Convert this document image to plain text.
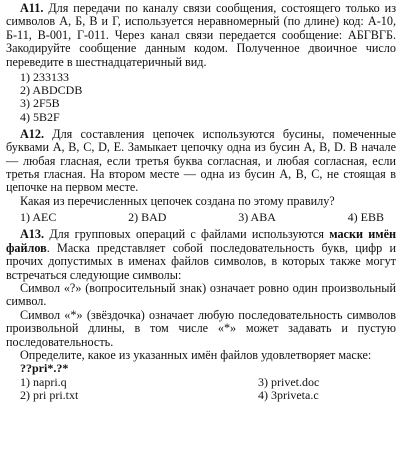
А11. Для передачи по каналу связи сообщения, состоящего только из символов А, Б, В и Г, используется неравномерный (по длине) код: А-10, Б-11, В-001, Г-011. Через канал связи передается сообщение: АБГВГБ. Закодируйте сообщение данным кодом. Полученное двоичное число переведите в шестнадцатеричный вид.

1) 233133
2) ABDCDB
3) 2F5B
4) 5B2F

А12. Для составления цепочек используются бусины, помеченные буквами A, B, C, D, E. Замыкает цепочку одна из бусин A, B, D. В начале — любая гласная, если третья буква согласная, и любая согласная, если третья гласная. На втором месте — одна из бусин A, B, C, не стоящая в цепочке на первом месте.

Какая из перечисленных цепочек создана по этому правилу?

1) AEC	2) BAD	3) ABA	4) EBB

А13. Для групповых операций с файлами используются маски имён файлов. Маска представляет собой последовательность букв, цифр и прочих допустимых в именах файлов символов, в которых также могут встречаться следующие символы:

Символ «?» (вопросительный знак) означает ровно один произвольный символ.

Символ «*» (звёздочка) означает любую последовательность символов произвольной длины, в том числе «*» может задавать и пустую последовательность.

Определите, какое из указанных имён файлов удовлетворяет маске:

??pri*.?*
1) napri.q	3) privet.doc
2) pri pri.txt	4) 3priveta.c
